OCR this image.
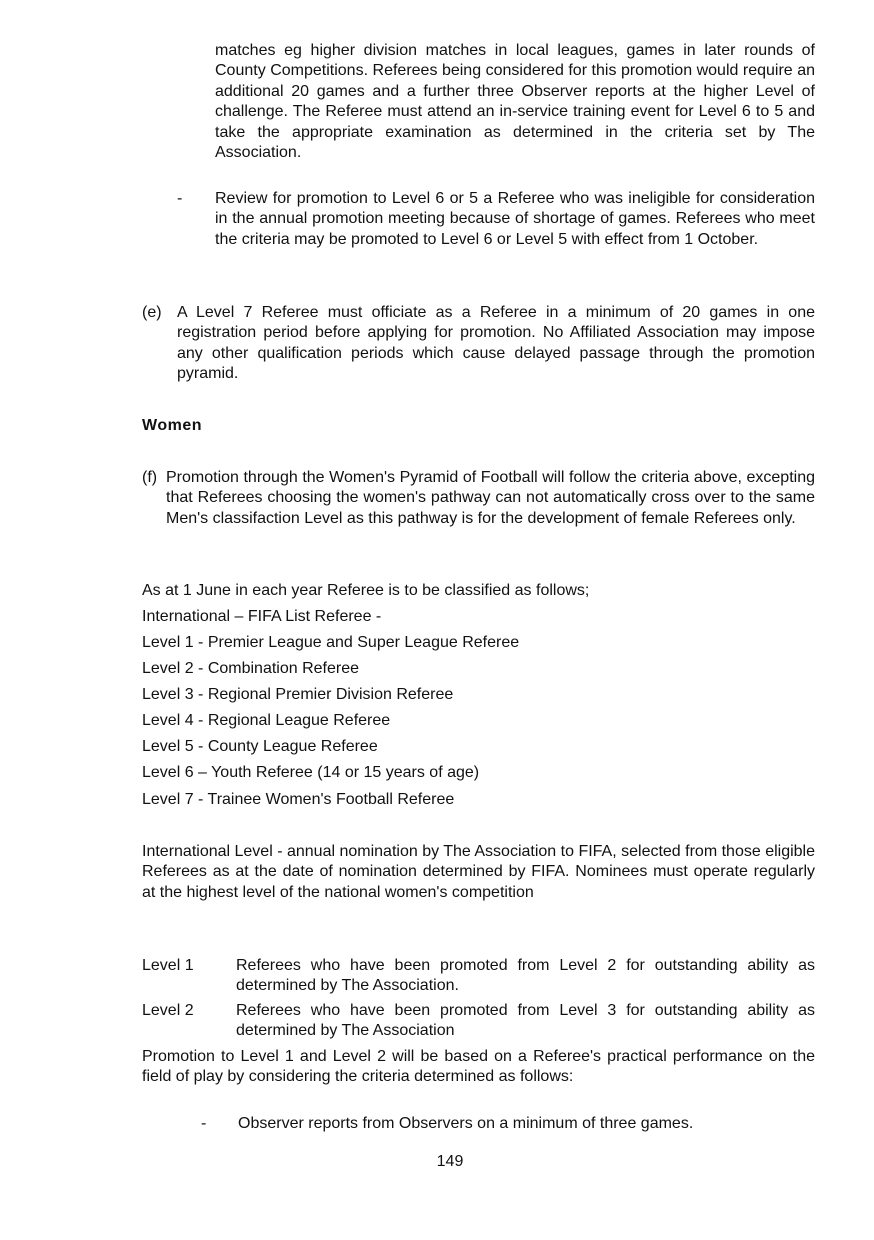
matches eg higher division matches in local leagues, games in later rounds of County Competitions. Referees being considered for this promotion would require an additional 20 games and a further three Observer reports at the higher Level of challenge. The Referee must attend an in-service training event for Level 6 to 5 and take the appropriate examination as determined in the criteria set by The Association.
- Review for promotion to Level 6 or 5 a Referee who was ineligible for consideration in the annual promotion meeting because of shortage of games. Referees who meet the criteria may be promoted to Level 6 or Level 5 with effect from 1 October.
(e) A Level 7 Referee must officiate as a Referee in a minimum of 20 games in one registration period before applying for promotion. No Affiliated Association may impose any other qualification periods which cause delayed passage through the promotion pyramid.
Women
(f) Promotion through the Women's Pyramid of Football will follow the criteria above, excepting that Referees choosing the women's pathway can not automatically cross over to the same Men's classifaction Level as this pathway is for the development of female Referees only.
As at 1 June in each year Referee is to be classified as follows;
International – FIFA List Referee -
Level 1 - Premier League and Super League Referee
Level 2 - Combination Referee
Level 3 - Regional Premier Division Referee
Level 4 - Regional League Referee
Level 5 - County League Referee
Level 6 – Youth Referee (14 or 15 years of age)
Level 7 - Trainee Women's Football Referee
International Level - annual nomination by The Association to FIFA, selected from those eligible Referees as at the date of nomination determined by FIFA. Nominees must operate regularly at the highest level of the national women's competition
Level 1	Referees who have been promoted from Level 2 for outstanding ability as determined by The Association.
Level 2	Referees who have been promoted from Level 3 for outstanding ability as determined by The Association
Promotion to Level 1 and Level 2 will be based on a Referee's practical performance on the field of play by considering the criteria determined as follows:
- Observer reports from Observers on a minimum of three games.
149
